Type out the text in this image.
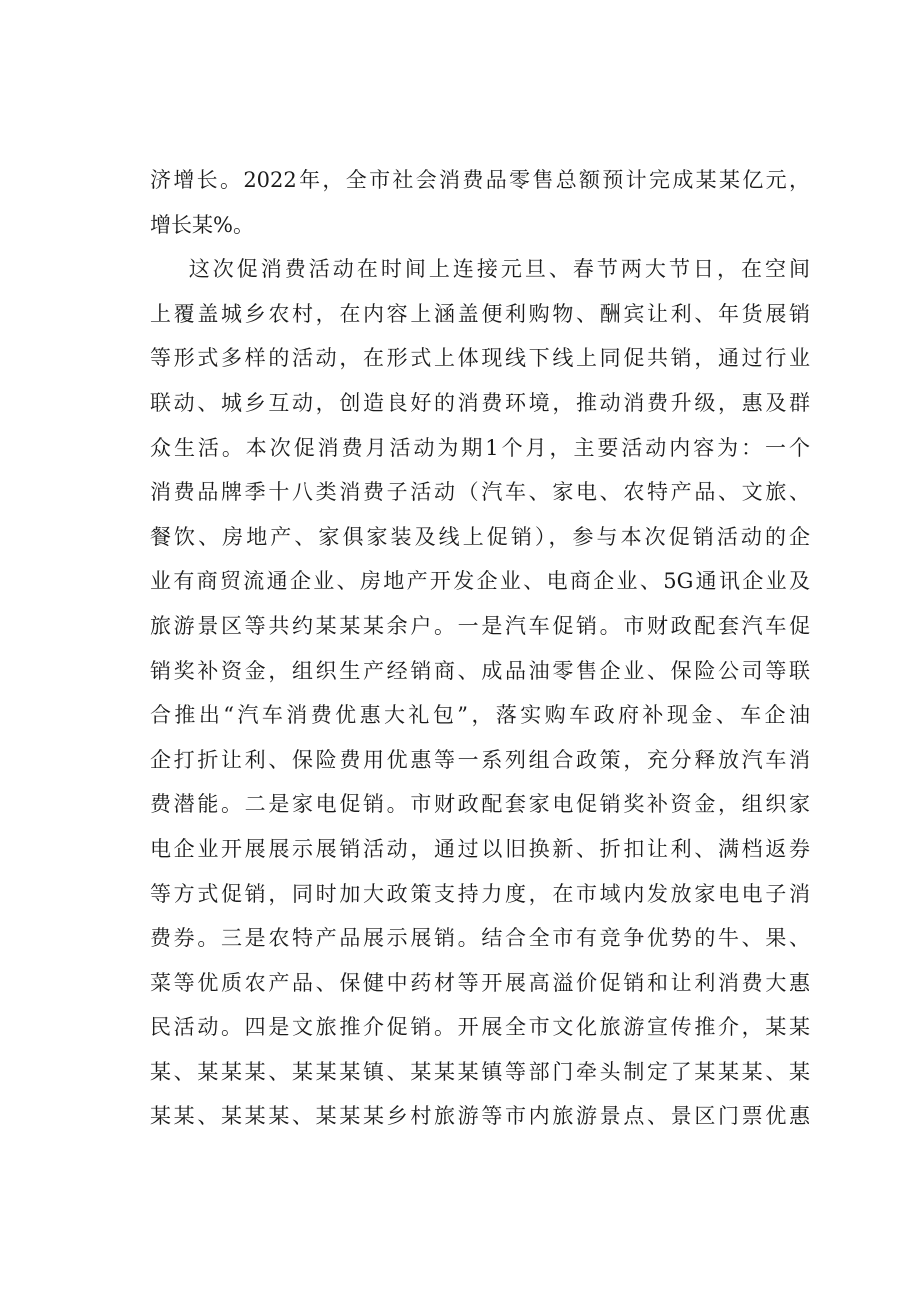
济增长。2022年，全市社会消费品零售总额预计完成某某亿元，
增长某%。
这次促消费活动在时间上连接元旦、春节两大节日，在空间
上覆盖城乡农村，在内容上涵盖便利购物、酬宾让利、年货展销
等形式多样的活动，在形式上体现线下线上同促共销，通过行业
联动、城乡互动，创造良好的消费环境，推动消费升级，惠及群
众生活。本次促消费月活动为期1个月，主要活动内容为：一个
消费品牌季十八类消费子活动（汽车、家电、农特产品、文旅、
餐饮、房地产、家俱家装及线上促销），参与本次促销活动的企
业有商贸流通企业、房地产开发企业、电商企业、5G通讯企业及
旅游景区等共约某某某余户。一是汽车促销。市财政配套汽车促
销奖补资金，组织生产经销商、成品油零售企业、保险公司等联
合推出“汽车消费优惠大礼包”，落实购车政府补现金、车企油
企打折让利、保险费用优惠等一系列组合政策，充分释放汽车消
费潜能。二是家电促销。市财政配套家电促销奖补资金，组织家
电企业开展展示展销活动，通过以旧换新、折扣让利、满档返券
等方式促销，同时加大政策支持力度，在市域内发放家电电子消
费券。三是农特产品展示展销。结合全市有竞争优势的牛、果、
菜等优质农产品、保健中药材等开展高溢价促销和让利消费大惠
民活动。四是文旅推介促销。开展全市文化旅游宣传推介，某某
某、某某某、某某某镇、某某某镇等部门牵头制定了某某某、某
某某、某某某、某某某乡村旅游等市内旅游景点、景区门票优惠
